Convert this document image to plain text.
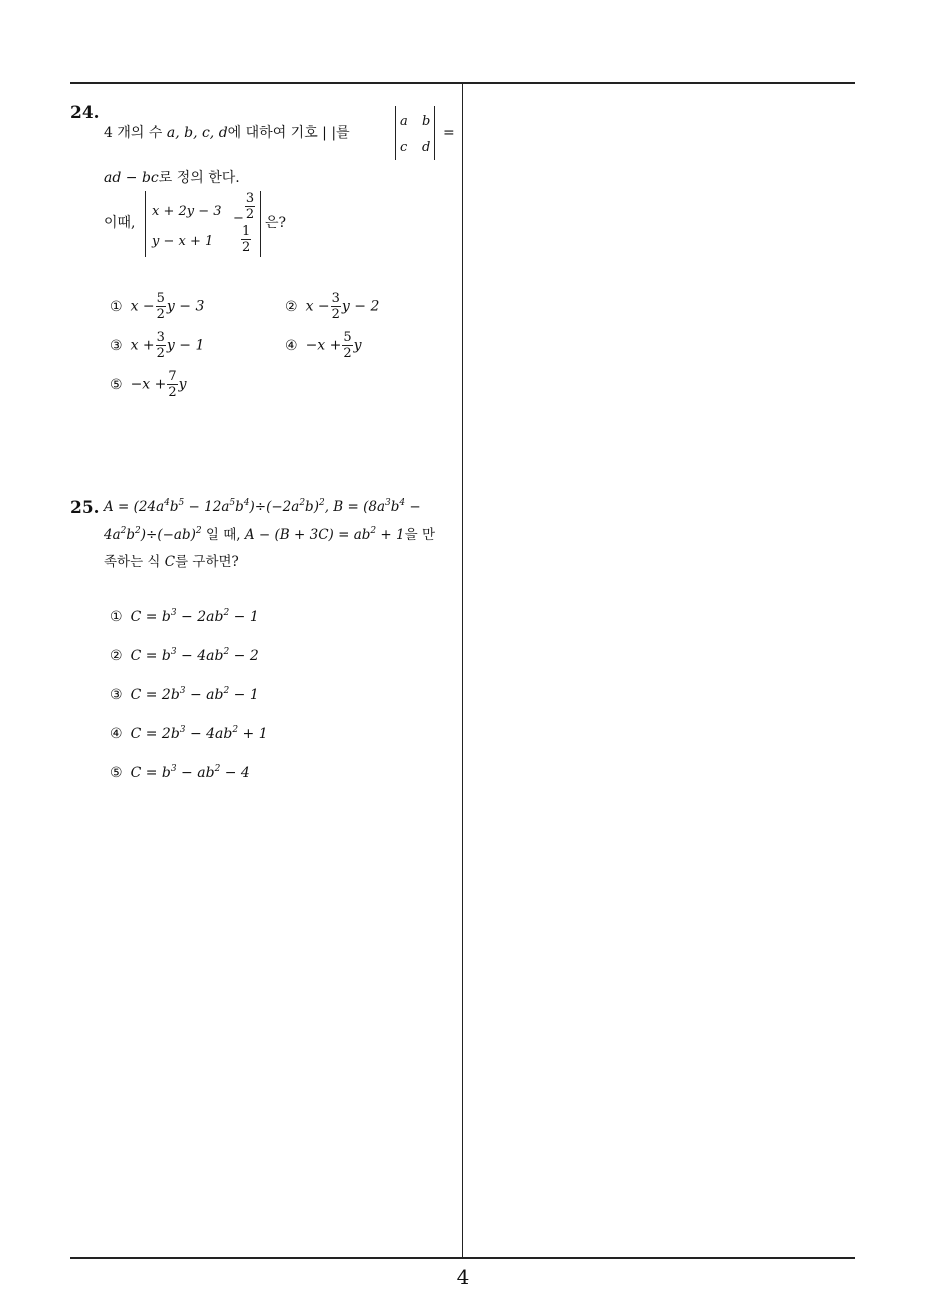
24.
4 개의 수 a, b, c, d에 대하여 기호 | |를
a b
c d
=
ad − bc로 정의 한다.
이때,
$x + 2y - 3 - \frac{3}{2}$
$y - x + 1 \frac{1}{2}$
은?
① $x - \frac{5}{2}$ y − 3	② $x - \frac{3}{2}$ y − 2
③ $x + \frac{3}{2}$ y − 1	④ $-x + \frac{5}{2}$ y
⑤ $-x + \frac{7}{2}$ y
25. $A = (24a^4b^5 - 12a^5b^4)\div(-2a^2b)^2$, $B = (8a^3b^4$ −
$4a^2b^2)\div(-ab)^2$ 일 때, $A - (B + 3C) = ab^2 + 1$을 만
족하는 식 C를 구하면?
① $C = b^3 - 2ab^2 - 1$
② $C = b^3 - 4ab^2 - 2$
③ $C = 2b^3 - ab^2 - 1$
④ $C = 2b^3 - 4ab^2 + 1$
⑤ $C = b^3 - ab^2 - 4$
4
